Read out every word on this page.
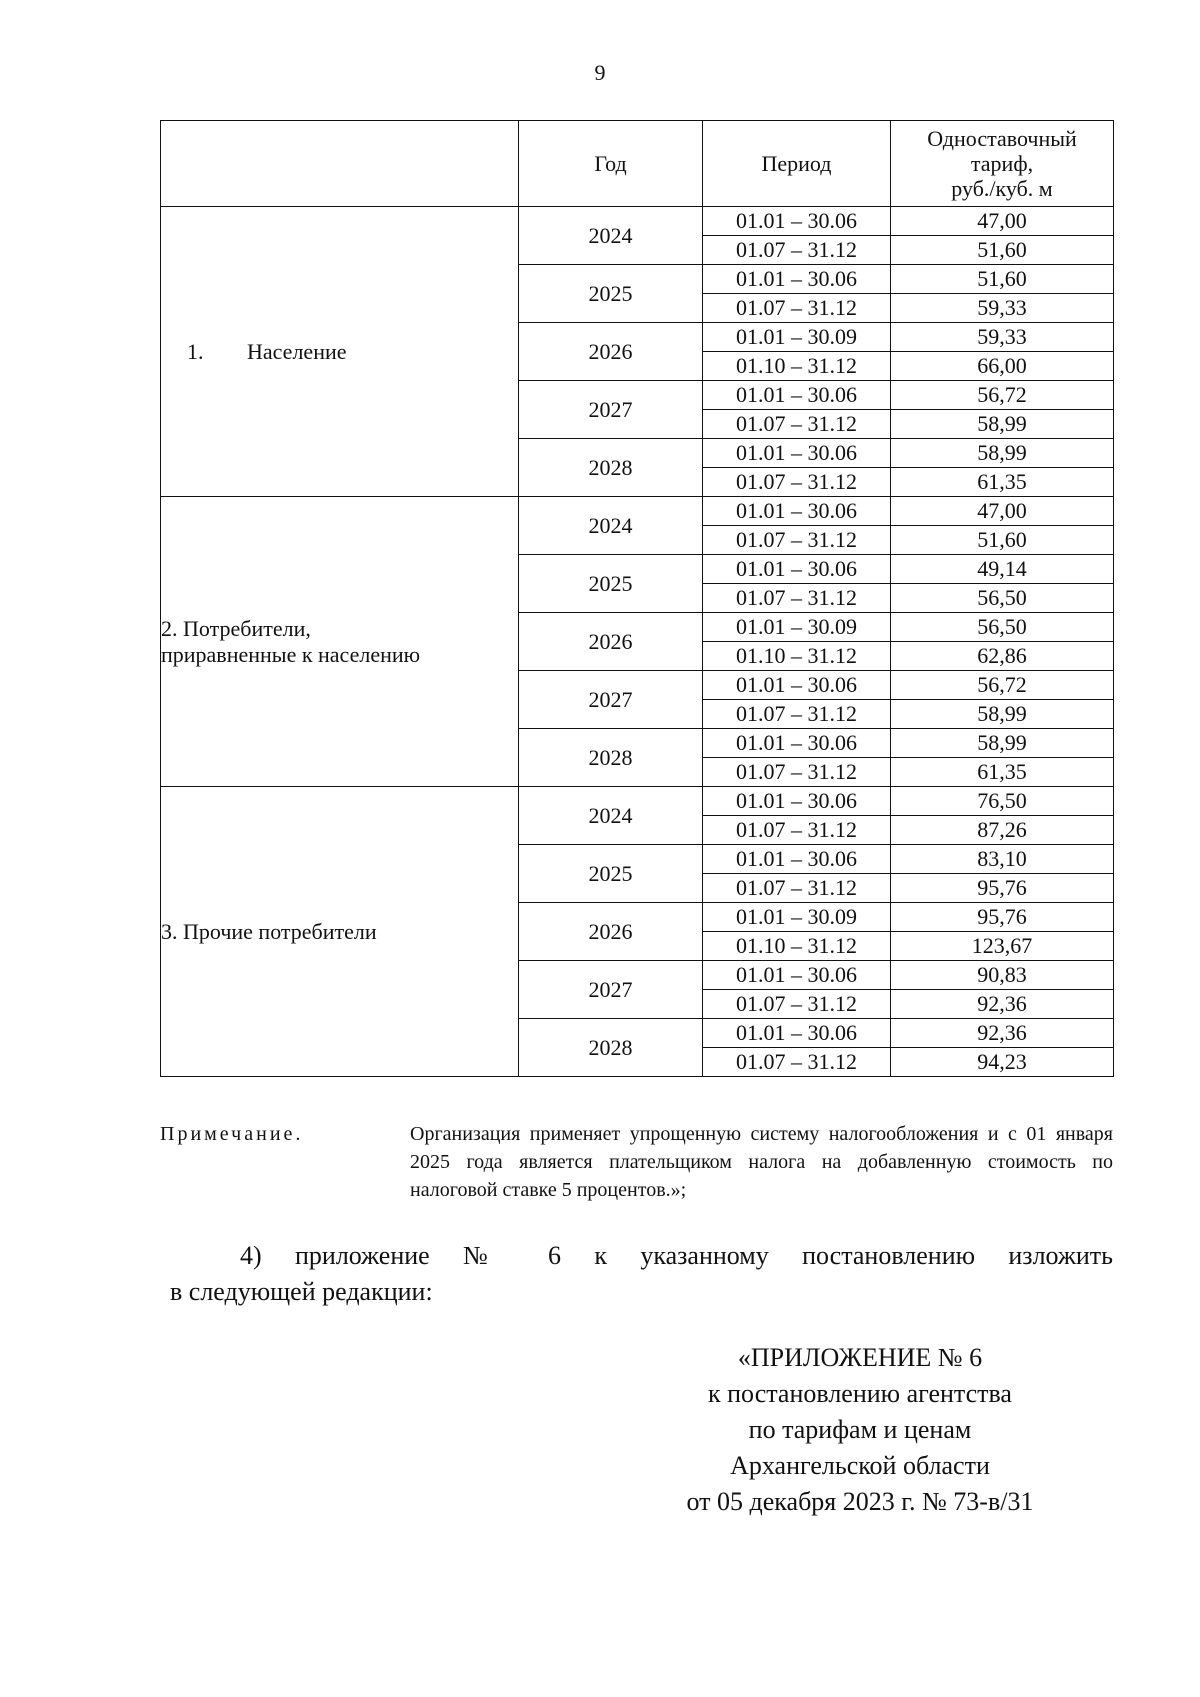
9
	Год	Период	Одноставочный
тариф,
руб./куб. м

1. Население	2024	01.01 – 30.06	47,00
		01.07 – 31.12	51,60
	2025	01.01 – 30.06	51,60
		01.07 – 31.12	59,33
	2026	01.01 – 30.09	59,33
		01.10 – 31.12	66,00
	2027	01.01 – 30.06	56,72
		01.07 – 31.12	58,99
	2028	01.01 – 30.06	58,99
		01.07 – 31.12	61,35

2. Потребители,
приравненные к населению	2024	01.01 – 30.06	47,00
		01.07 – 31.12	51,60
	2025	01.01 – 30.06	49,14
		01.07 – 31.12	56,50
	2026	01.01 – 30.09	56,50
		01.10 – 31.12	62,86
	2027	01.01 – 30.06	56,72
		01.07 – 31.12	58,99
	2028	01.01 – 30.06	58,99
		01.07 – 31.12	61,35

3. Прочие потребители	2024	01.01 – 30.06	76,50
		01.07 – 31.12	87,26
	2025	01.01 – 30.06	83,10
		01.07 – 31.12	95,76
	2026	01.01 – 30.09	95,76
		01.10 – 31.12	123,67
	2027	01.01 – 30.06	90,83
		01.07 – 31.12	92,36
	2028	01.01 – 30.06	92,36
		01.07 – 31.12	94,23
Примечание.	Организация применяет упрощенную систему налогообложения и с 01 января 2025 года является плательщиком налога на добавленную стоимость по налоговой ставке 5 процентов.»;
4) приложение № 6 к указанному постановлению изложить
в следующей редакции:
«ПРИЛОЖЕНИЕ № 6
к постановлению агентства
по тарифам и ценам
Архангельской области
от 05 декабря 2023 г. № 73-в/31
